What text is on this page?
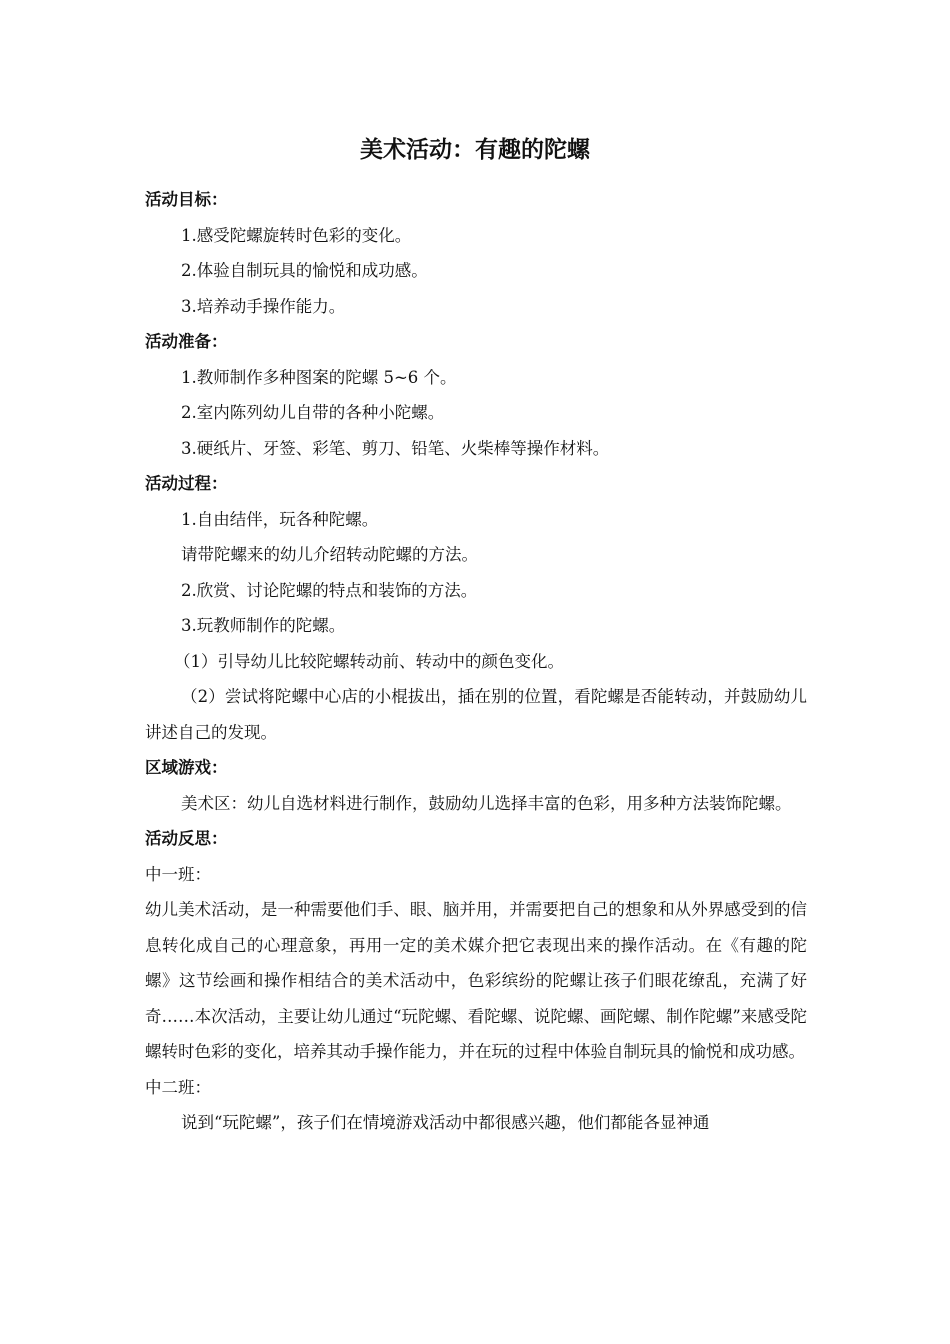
美术活动：有趣的陀螺

活动目标：

1.感受陀螺旋转时色彩的变化。

2.体验自制玩具的愉悦和成功感。

3.培养动手操作能力。

活动准备：

1.教师制作多种图案的陀螺 5~6 个。

2.室内陈列幼儿自带的各种小陀螺。

3.硬纸片、牙签、彩笔、剪刀、铅笔、火柴棒等操作材料。

活动过程：

1.自由结伴，玩各种陀螺。

请带陀螺来的幼儿介绍转动陀螺的方法。

2.欣赏、讨论陀螺的特点和装饰的方法。

3.玩教师制作的陀螺。

（1）引导幼儿比较陀螺转动前、转动中的颜色变化。

（2）尝试将陀螺中心店的小棍拔出，插在别的位置，看陀螺是否能转动，并鼓励幼儿讲述自己的发现。

区域游戏：

美术区：幼儿自选材料进行制作，鼓励幼儿选择丰富的色彩，用多种方法装饰陀螺。

活动反思：

中一班：

幼儿美术活动，是一种需要他们手、眼、脑并用，并需要把自己的想象和从外界感受到的信息转化成自己的心理意象，再用一定的美术媒介把它表现出来的操作活动。在《有趣的陀螺》这节绘画和操作相结合的美术活动中，色彩缤纷的陀螺让孩子们眼花缭乱，充满了好奇……本次活动，主要让幼儿通过“玩陀螺、看陀螺、说陀螺、画陀螺、制作陀螺”来感受陀螺转时色彩的变化，培养其动手操作能力，并在玩的过程中体验自制玩具的愉悦和成功感。

中二班：

说到“玩陀螺”，孩子们在情境游戏活动中都很感兴趣，他们都能各显神通
